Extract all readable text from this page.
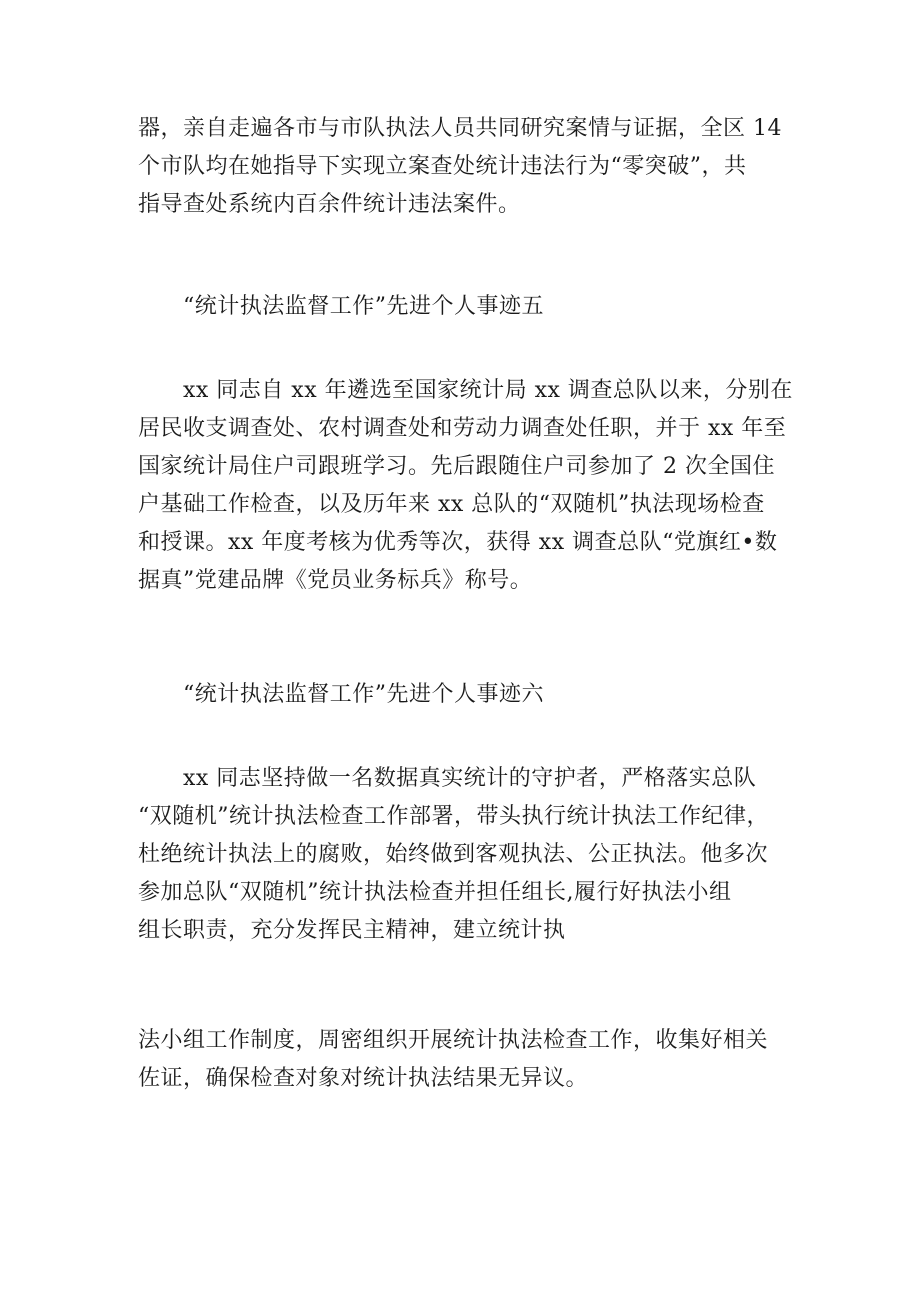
器，亲自走遍各市与市队执法人员共同研究案情与证据，全区 14
个市队均在她指导下实现立案查处统计违法行为“零突破”，共
指导查处系统内百余件统计违法案件。

“统计执法监督工作”先进个人事迹五

　　xx 同志自 xx 年遴选至国家统计局 xx 调查总队以来，分别在
居民收支调查处、农村调查处和劳动力调查处任职，并于 xx 年至
国家统计局住户司跟班学习。先后跟随住户司参加了 2 次全国住
户基础工作检查，以及历年来 xx 总队的“双随机”执法现场检查
和授课。xx 年度考核为优秀等次，获得 xx 调查总队“党旗红•数
据真”党建品牌《党员业务标兵》称号。

“统计执法监督工作”先进个人事迹六

　　xx 同志坚持做一名数据真实统计的守护者，严格落实总队
“双随机”统计执法检查工作部署，带头执行统计执法工作纪律，
杜绝统计执法上的腐败，始终做到客观执法、公正执法。他多次
参加总队“双随机”统计执法检查并担任组长,履行好执法小组
组长职责，充分发挥民主精神，建立统计执

法小组工作制度，周密组织开展统计执法检查工作，收集好相关
佐证，确保检查对象对统计执法结果无异议。
